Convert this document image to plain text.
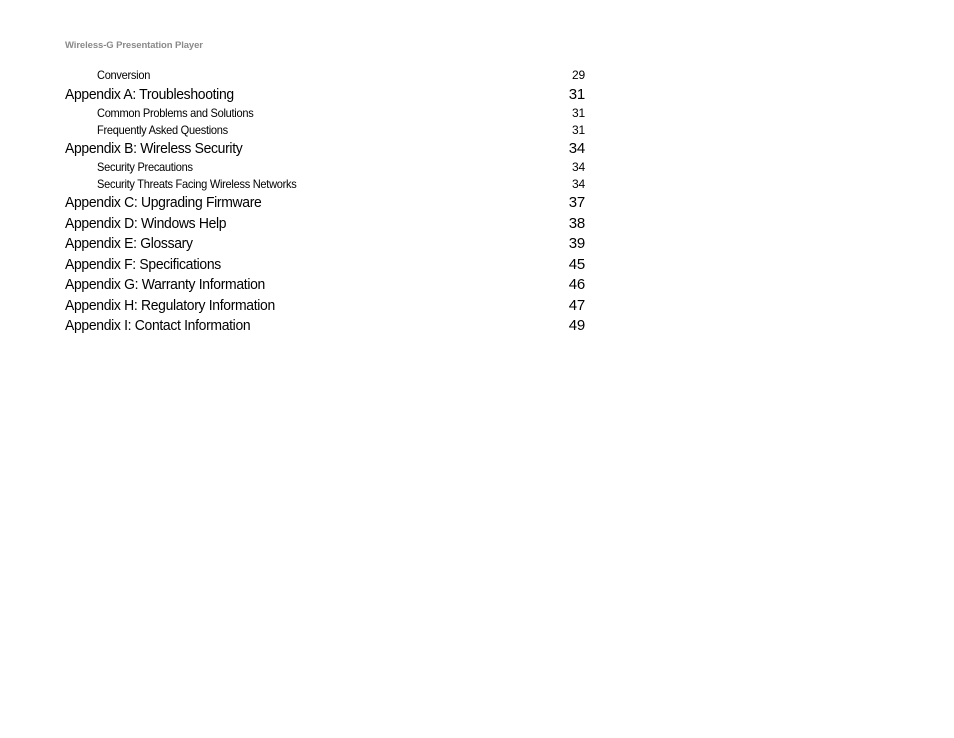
Wireless-G Presentation Player
Conversion	29
Appendix A: Troubleshooting	31
Common Problems and Solutions	31
Frequently Asked Questions	31
Appendix B: Wireless Security	34
Security Precautions	34
Security Threats Facing Wireless Networks	34
Appendix C: Upgrading Firmware	37
Appendix D: Windows Help	38
Appendix E: Glossary	39
Appendix F: Specifications	45
Appendix G: Warranty Information	46
Appendix H: Regulatory Information	47
Appendix I: Contact Information	49
